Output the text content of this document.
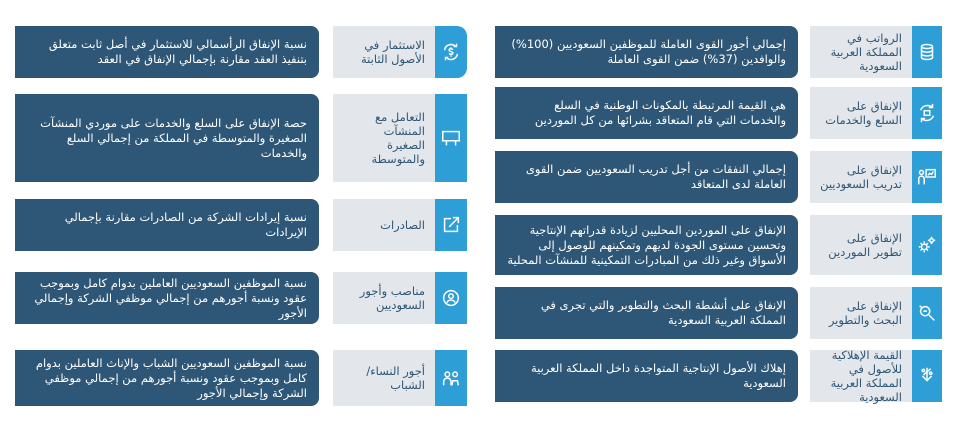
إجمالي أجور القوى العاملة للموظفين السعوديين (100%) والوافدين (37%) ضمن القوى العاملة
الرواتب في المملكة العربية السعودية
هي القيمة المرتبطة بالمكونات الوطنية في السلع والخدمات التي قام المتعاقد بشرائها من كل الموردين
الإنفاق على السلع والخدمات
إجمالي النفقات من أجل تدريب السعوديين ضمن القوى العاملة لدى المتعاقد
الإنفاق على تدريب السعوديين
الإنفاق على الموردين المحليين لزيادة قدراتهم الإنتاجية وتحسين مستوى الجودة لديهم وتمكينهم للوصول إلى الأسواق وغير ذلك من المبادرات التمكينية للمنشآت المحلية
الإنفاق على تطوير الموردين
الإنفاق على أنشطة البحث والتطوير والتي تجرى في المملكة العربية السعودية
الإنفاق على البحث والتطوير
إهلاك الأصول الإنتاجية المتواجدة داخل المملكة العربية السعودية
القيمة الإهلاكية للأصول في المملكة العربية السعودية
نسبة الإنفاق الرأسمالي للاستثمار في أصل ثابت متعلق بتنفيذ العقد مقارنة بإجمالي الإنفاق في العقد
الاستثمار في الأصول الثابتة
حصة الإنفاق على السلع والخدمات على موردي المنشآت الصغيرة والمتوسطة في المملكة من إجمالي السلع والخدمات
التعامل مع المنشآت الصغيرة والمتوسطة
نسبة إيرادات الشركة من الصادرات مقارنة بإجمالي الإيرادات	الصادرات
نسبة الموظفين السعوديين العاملين بدوام كامل وبموجب عقود ونسبة أجورهم من إجمالي موظفي الشركة وإجمالي الأجور
مناصب وأجور السعوديين
نسبة الموظفين السعوديين الشباب والإناث العاملين بدوام كامل وبموجب عقود ونسبة أجورهم من إجمالي موظفي الشركة وإجمالي الأجور
أجور النساء/ الشباب
